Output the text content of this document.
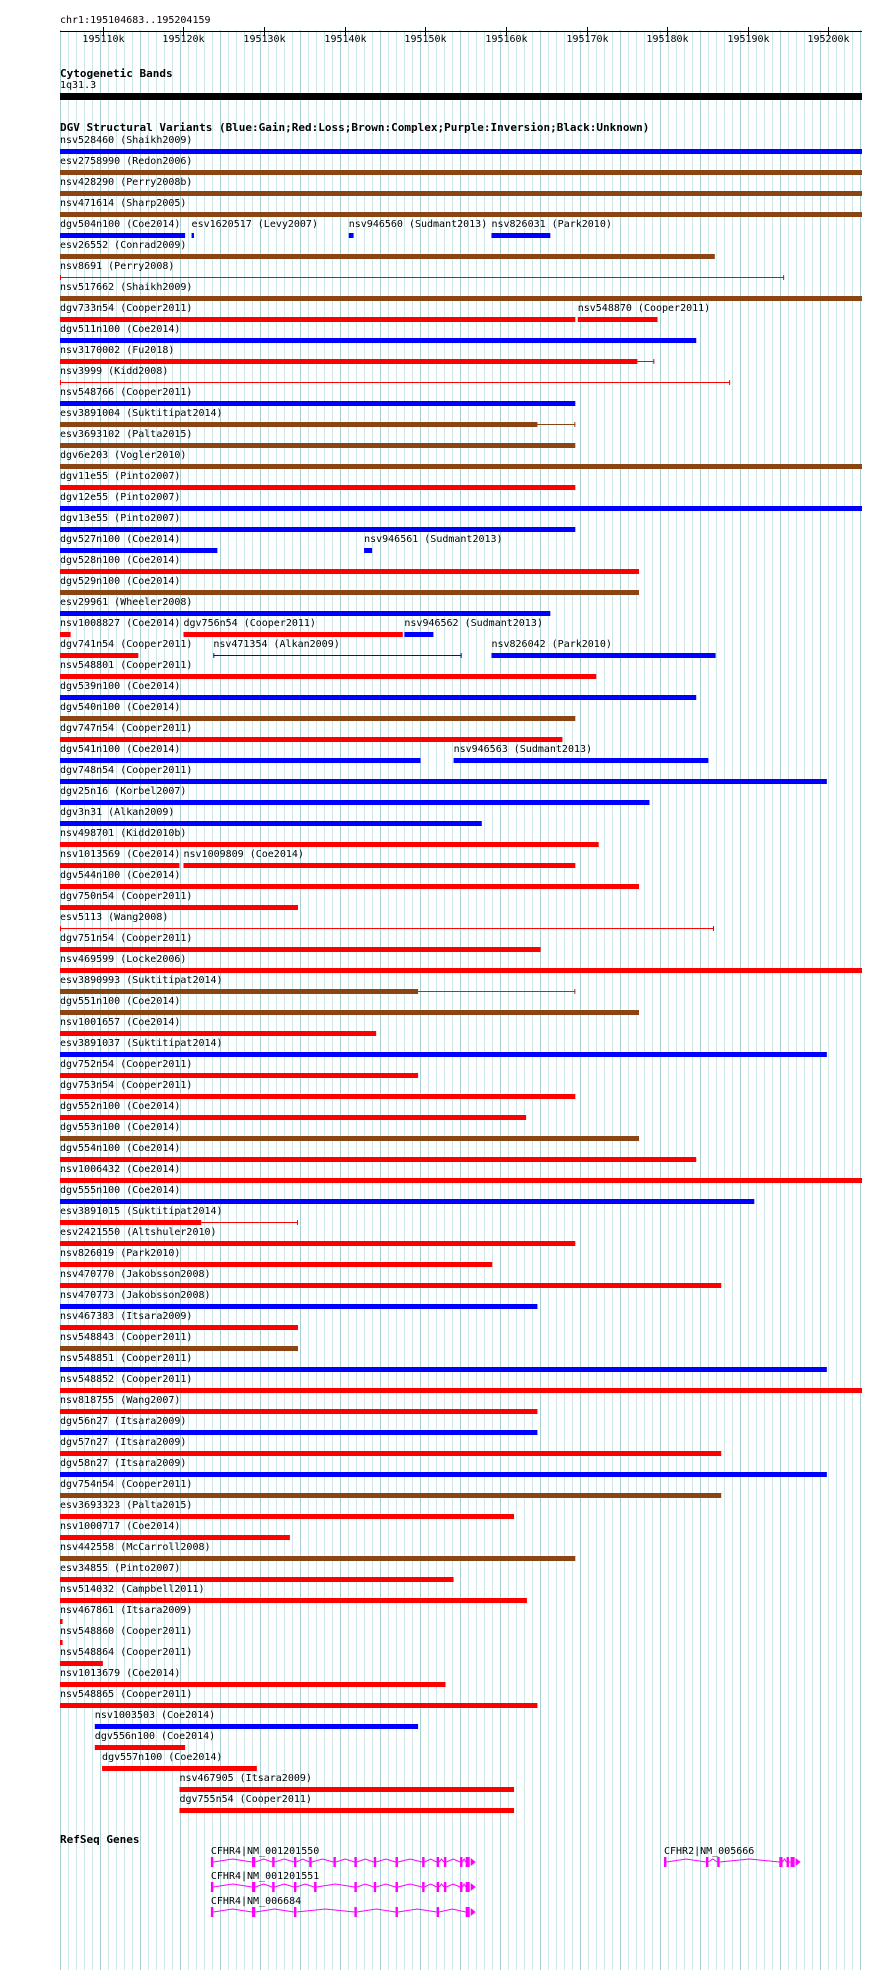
chr1:195104683..195204159
195110k	195120k	195130k	195140k	195150k	195160k	195170k	195180k	195190k	195200k
Cytogenetic Bands
1q31.3
DGV Structural Variants (Blue:Gain;Red:Loss;Brown:Complex;Purple:Inversion;Black:Unknown)
nsv528460 (Shaikh2009)
esv2758990 (Redon2006)
nsv428290 (Perry2008b)
nsv471614 (Sharp2005)
dgv504n100 (Coe2014) esv1620517 (Levy2007)	nsv946560 (Sudmant2013) nsv826031 (Park2010)
esv26552 (Conrad2009)
nsv8691 (Perry2008)
nsv517662 (Shaikh2009)
dgv733n54 (Cooper2011)	nsv548870 (Cooper2011)
dgv511n100 (Coe2014)
nsv3170002 (Fu2018)
nsv3999 (Kidd2008)
nsv548766 (Cooper2011)
esv3891004 (Suktitipat2014)
esv3693102 (Palta2015)
dgv6e203 (Vogler2010)
dgv11e55 (Pinto2007)
dgv12e55 (Pinto2007)
dgv13e55 (Pinto2007)
dgv527n100 (Coe2014)	nsv946561 (Sudmant2013)
dgv528n100 (Coe2014)
dgv529n100 (Coe2014)
esv29961 (Wheeler2008)
nsv1008827 (Coe2014) dgv756n54 (Cooper2011)	nsv946562 (Sudmant2013)
dgv741n54 (Cooper2011) nsv471354 (Alkan2009)	nsv826042 (Park2010)
nsv548801 (Cooper2011)
dgv539n100 (Coe2014)
dgv540n100 (Coe2014)
dgv747n54 (Cooper2011)
dgv541n100 (Coe2014)	nsv946563 (Sudmant2013)
dgv748n54 (Cooper2011)
dgv25n16 (Korbel2007)
dgv3n31 (Alkan2009)
nsv498701 (Kidd2010b)
nsv1013569 (Coe2014) nsv1009809 (Coe2014)
dgv544n100 (Coe2014)
dgv750n54 (Cooper2011)
esv5113 (Wang2008)
dgv751n54 (Cooper2011)
nsv469599 (Locke2006)
esv3890993 (Suktitipat2014)
dgv551n100 (Coe2014)
nsv1001657 (Coe2014)
esv3891037 (Suktitipat2014)
dgv752n54 (Cooper2011)
dgv753n54 (Cooper2011)
dgv552n100 (Coe2014)
dgv553n100 (Coe2014)
dgv554n100 (Coe2014)
nsv1006432 (Coe2014)
dgv555n100 (Coe2014)
esv3891015 (Suktitipat2014)
esv2421550 (Altshuler2010)
nsv826019 (Park2010)
nsv470770 (Jakobsson2008)
nsv470773 (Jakobsson2008)
nsv467383 (Itsara2009)
nsv548843 (Cooper2011)
nsv548851 (Cooper2011)
nsv548852 (Cooper2011)
nsv818755 (Wang2007)
dgv56n27 (Itsara2009)
dgv57n27 (Itsara2009)
dgv58n27 (Itsara2009)
dgv754n54 (Cooper2011)
esv3693323 (Palta2015)
nsv1000717 (Coe2014)
nsv442558 (McCarroll2008)
esv34855 (Pinto2007)
nsv514032 (Campbell2011)
nsv467861 (Itsara2009)
nsv548860 (Cooper2011)
nsv548864 (Cooper2011)
nsv1013679 (Coe2014)
nsv548865 (Cooper2011)
nsv1003503 (Coe2014)
dgv556n100 (Coe2014)
dgv557n100 (Coe2014)
nsv467905 (Itsara2009)
dgv755n54 (Cooper2011)
RefSeq Genes
CFHR4|NM_001201550	CFHR2|NM_005666
CFHR4|NM_001201551
CFHR4|NM_006684
